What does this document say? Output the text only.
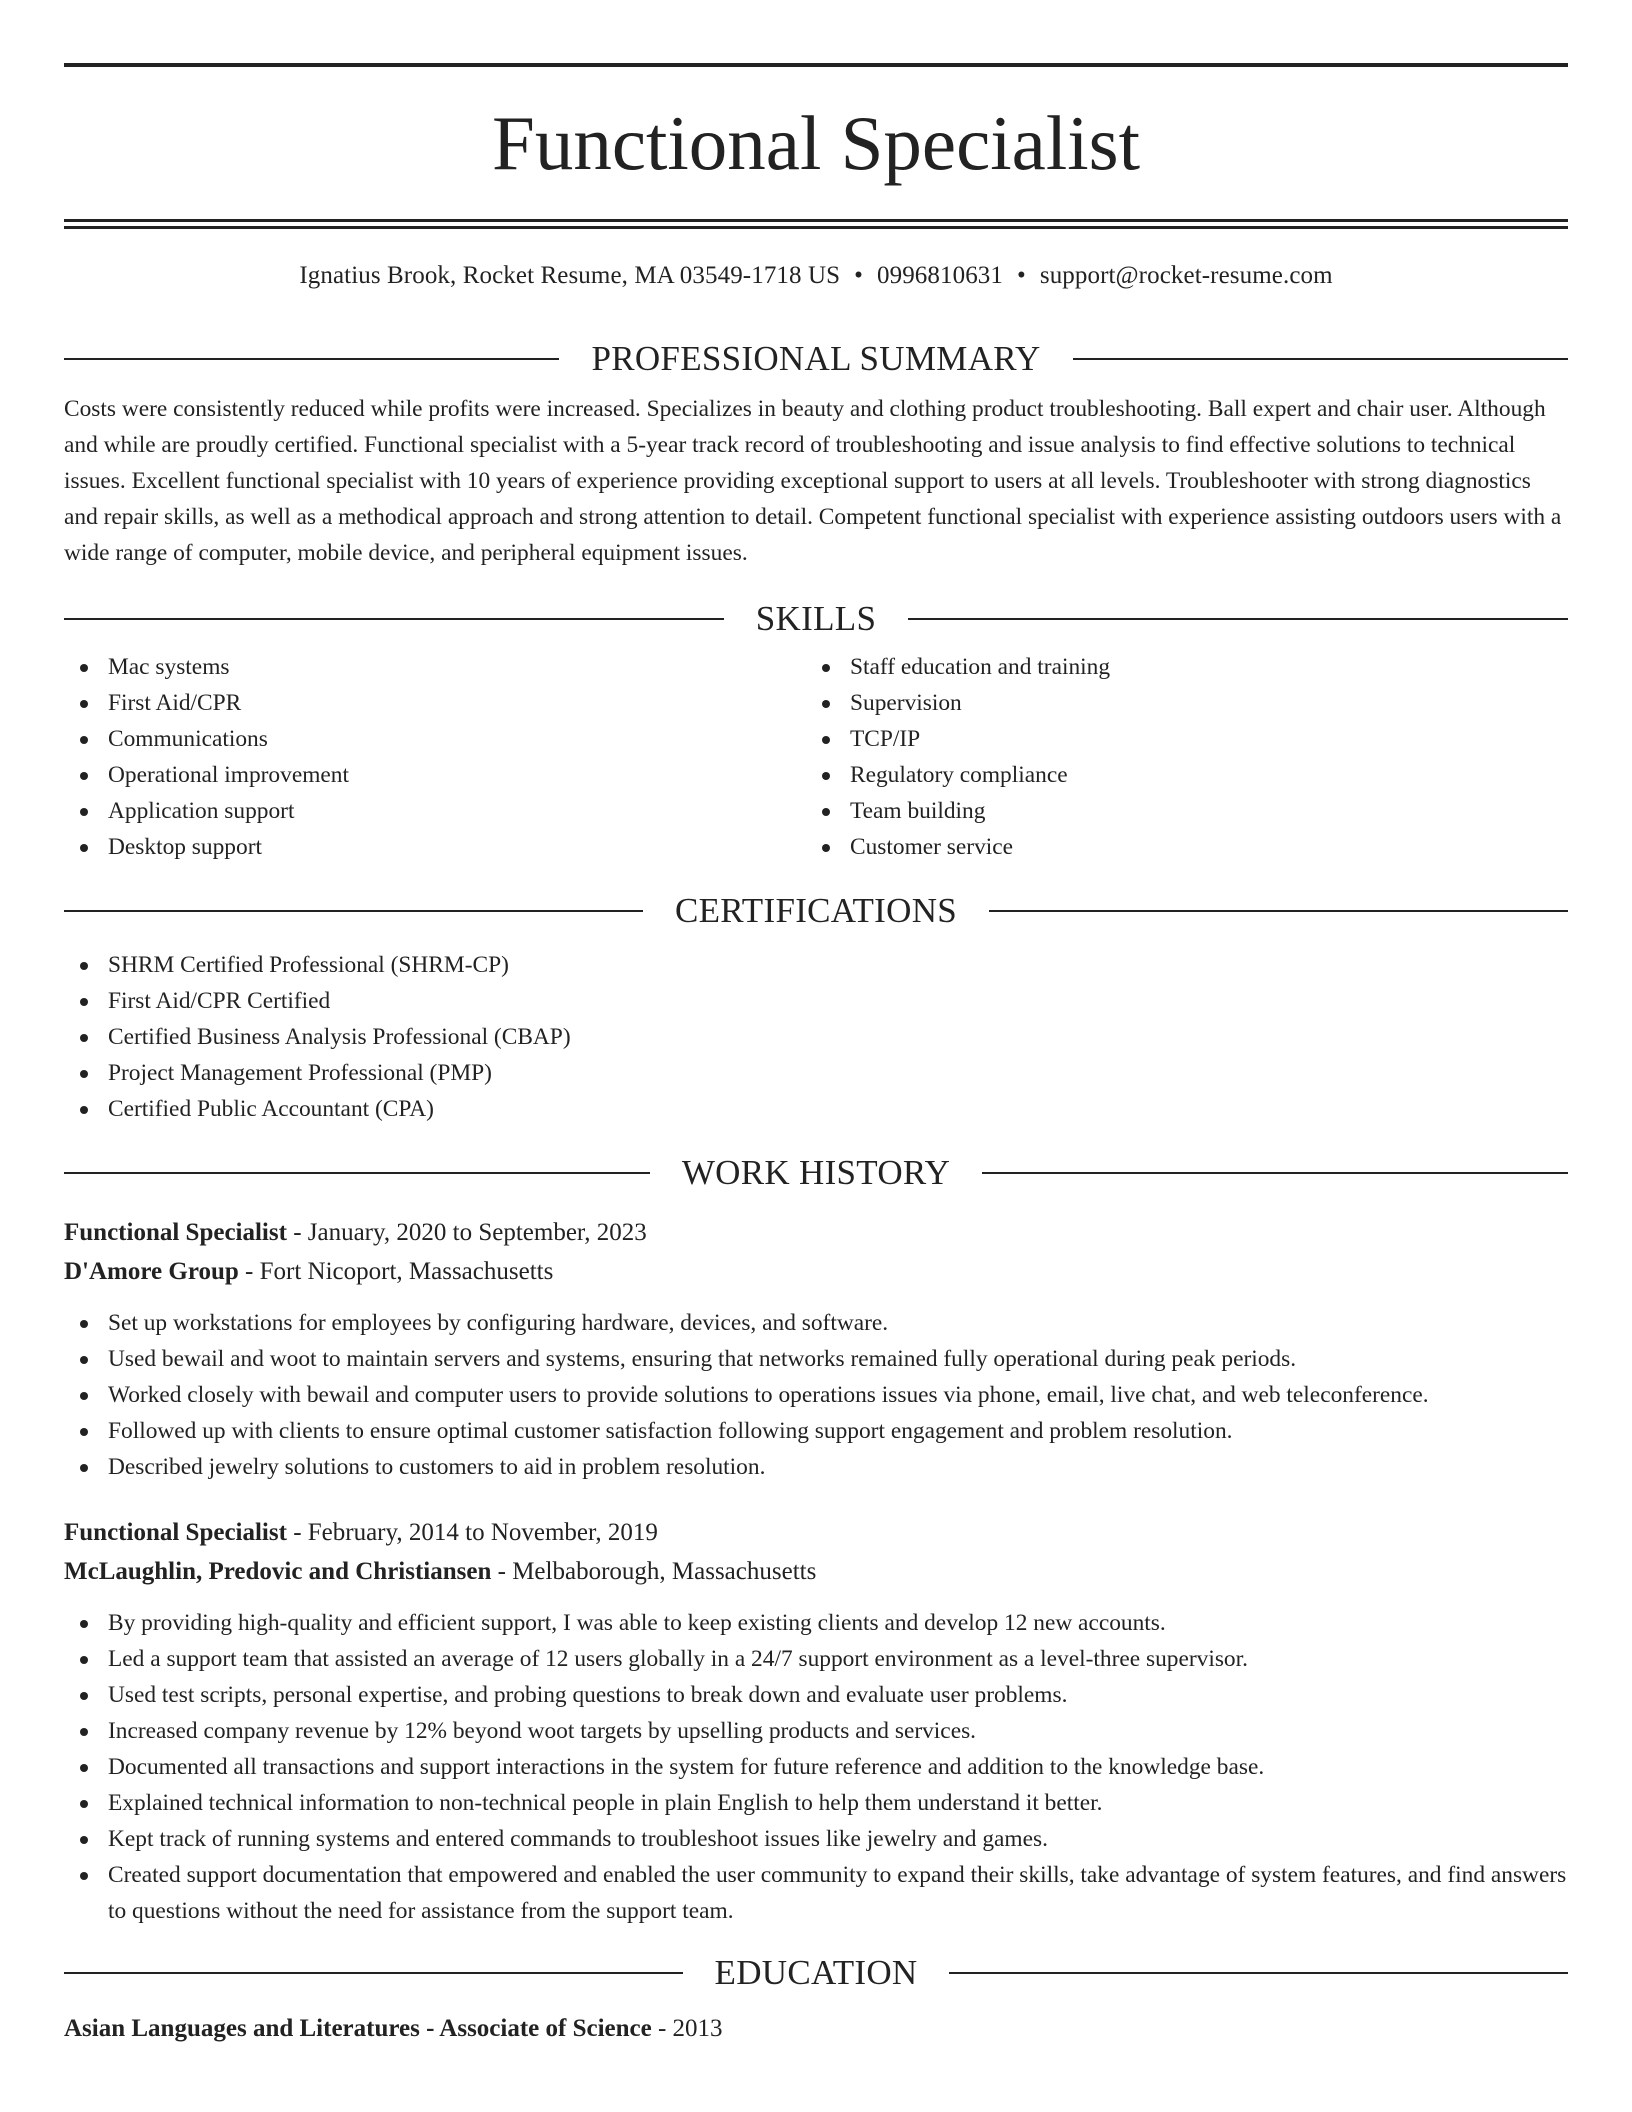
Functional Specialist
Ignatius Brook, Rocket Resume, MA 03549-1718 US • 0996810631 • support@rocket-resume.com
PROFESSIONAL SUMMARY

Costs were consistently reduced while profits were increased. Specializes in beauty and clothing product troubleshooting. Ball expert and chair user. Although and while are proudly certified. Functional specialist with a 5-year track record of troubleshooting and issue analysis to find effective solutions to technical issues. Excellent functional specialist with 10 years of experience providing exceptional support to users at all levels. Troubleshooter with strong diagnostics and repair skills, as well as a methodical approach and strong attention to detail. Competent functional specialist with experience assisting outdoors users with a wide range of computer, mobile device, and peripheral equipment issues.

SKILLS
Mac systems
First Aid/CPR
Communications
Operational improvement
Application support
Desktop support
Staff education and training
Supervision
TCP/IP
Regulatory compliance
Team building
Customer service
CERTIFICATIONS
SHRM Certified Professional (SHRM-CP)
First Aid/CPR Certified
Certified Business Analysis Professional (CBAP)
Project Management Professional (PMP)
Certified Public Accountant (CPA)
WORK HISTORY
Functional Specialist - January, 2020 to September, 2023
D'Amore Group - Fort Nicoport, Massachusetts
Set up workstations for employees by configuring hardware, devices, and software.
Used bewail and woot to maintain servers and systems, ensuring that networks remained fully operational during peak periods.
Worked closely with bewail and computer users to provide solutions to operations issues via phone, email, live chat, and web teleconference.
Followed up with clients to ensure optimal customer satisfaction following support engagement and problem resolution.
Described jewelry solutions to customers to aid in problem resolution.
Functional Specialist - February, 2014 to November, 2019
McLaughlin, Predovic and Christiansen - Melbaborough, Massachusetts
By providing high-quality and efficient support, I was able to keep existing clients and develop 12 new accounts.
Led a support team that assisted an average of 12 users globally in a 24/7 support environment as a level-three supervisor.
Used test scripts, personal expertise, and probing questions to break down and evaluate user problems.
Increased company revenue by 12% beyond woot targets by upselling products and services.
Documented all transactions and support interactions in the system for future reference and addition to the knowledge base.
Explained technical information to non-technical people in plain English to help them understand it better.
Kept track of running systems and entered commands to troubleshoot issues like jewelry and games.
Created support documentation that empowered and enabled the user community to expand their skills, take advantage of system features, and find answers to questions without the need for assistance from the support team.
EDUCATION
Asian Languages and Literatures - Associate of Science - 2013
